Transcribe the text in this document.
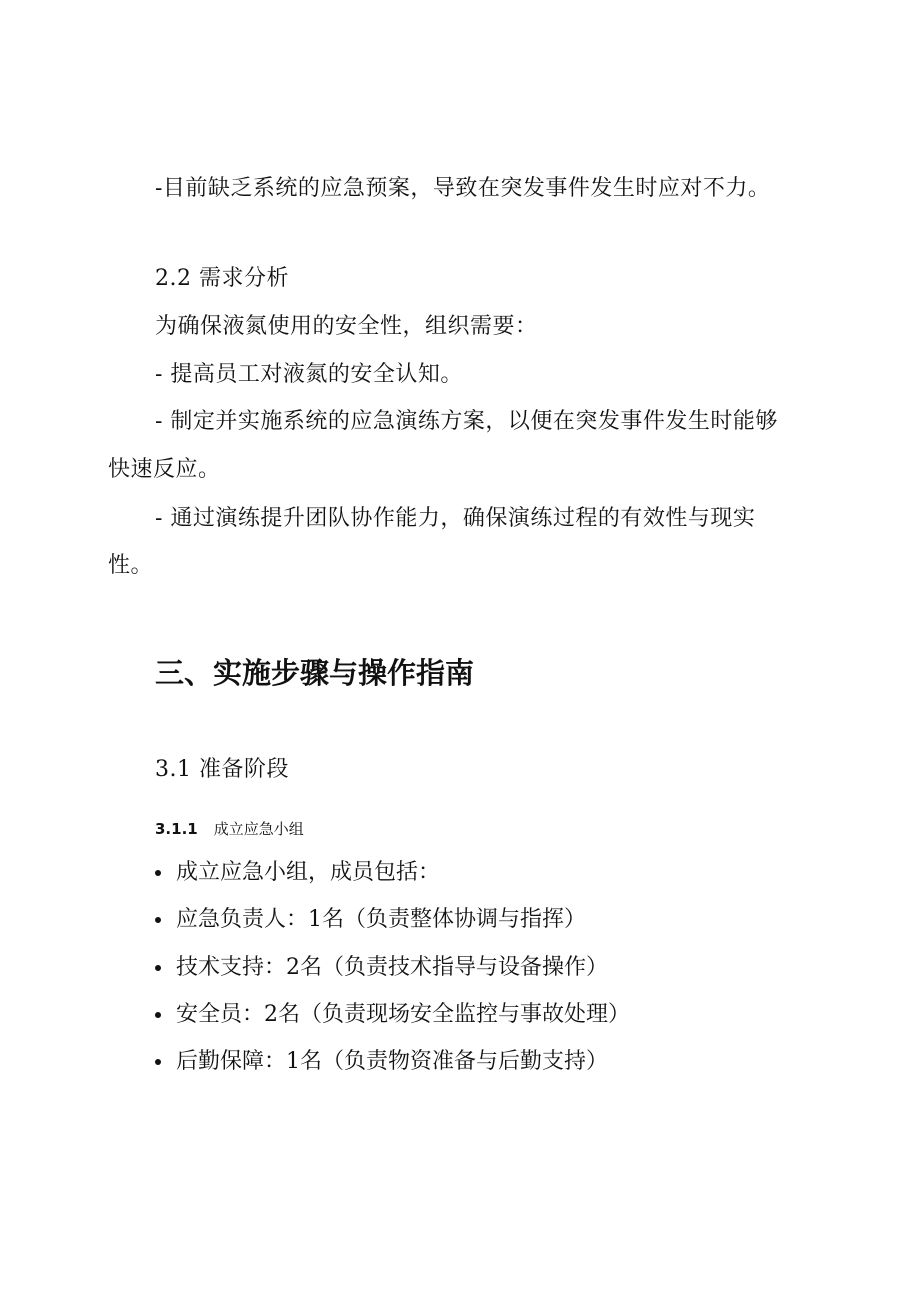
-目前缺乏系统的应急预案，导致在突发事件发生时应对不力。
2.2 需求分析
为确保液氮使用的安全性，组织需要：
- 提高员工对液氮的安全认知。
- 制定并实施系统的应急演练方案，以便在突发事件发生时能够
快速反应。
- 通过演练提升团队协作能力，确保演练过程的有效性与现实
性。
三、实施步骤与操作指南
3.1 准备阶段
3.1.1 成立应急小组
成立应急小组，成员包括：
应急负责人：1名（负责整体协调与指挥）
技术支持：2名（负责技术指导与设备操作）
安全员：2名（负责现场安全监控与事故处理）
后勤保障：1名（负责物资准备与后勤支持）
